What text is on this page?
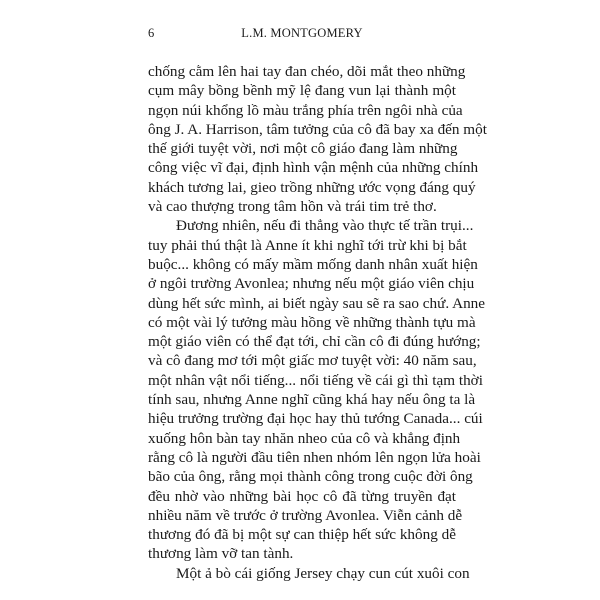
6	L.M. MONTGOMERY
chống cằm lên hai tay đan chéo, dõi mắt theo những
cụm mây bồng bềnh mỹ lệ đang vun lại thành một
ngọn núi khổng lồ màu trắng phía trên ngôi nhà của
ông J. A. Harrison, tâm tưởng của cô đã bay xa đến một
thế giới tuyệt vời, nơi một cô giáo đang làm những
công việc vĩ đại, định hình vận mệnh của những chính
khách tương lai, gieo trồng những ước vọng đáng quý
và cao thượng trong tâm hồn và trái tim trẻ thơ.
Đương nhiên, nếu đi thẳng vào thực tế trần trụi...
tuy phải thú thật là Anne ít khi nghĩ tới trừ khi bị bắt
buộc... không có mấy mầm mống danh nhân xuất hiện
ở ngôi trường Avonlea; nhưng nếu một giáo viên chịu
dùng hết sức mình, ai biết ngày sau sẽ ra sao chứ. Anne
có một vài lý tưởng màu hồng về những thành tựu mà
một giáo viên có thể đạt tới, chỉ cần cô đi đúng hướng;
và cô đang mơ tới một giấc mơ tuyệt vời: 40 năm sau,
một nhân vật nổi tiếng... nổi tiếng về cái gì thì tạm thời
tính sau, nhưng Anne nghĩ cũng khá hay nếu ông ta là
hiệu trưởng trường đại học hay thủ tướng Canada... cúi
xuống hôn bàn tay nhăn nheo của cô và khẳng định
rằng cô là người đầu tiên nhen nhóm lên ngọn lửa hoài
bão của ông, rằng mọi thành công trong cuộc đời ông
đều nhờ vào những bài học cô đã từng truyền đạt
nhiều năm về trước ở trường Avonlea. Viễn cảnh dễ
thương đó đã bị một sự can thiệp hết sức không dễ
thương làm vỡ tan tành.
Một ả bò cái giống Jersey chạy cun cút xuôi con
